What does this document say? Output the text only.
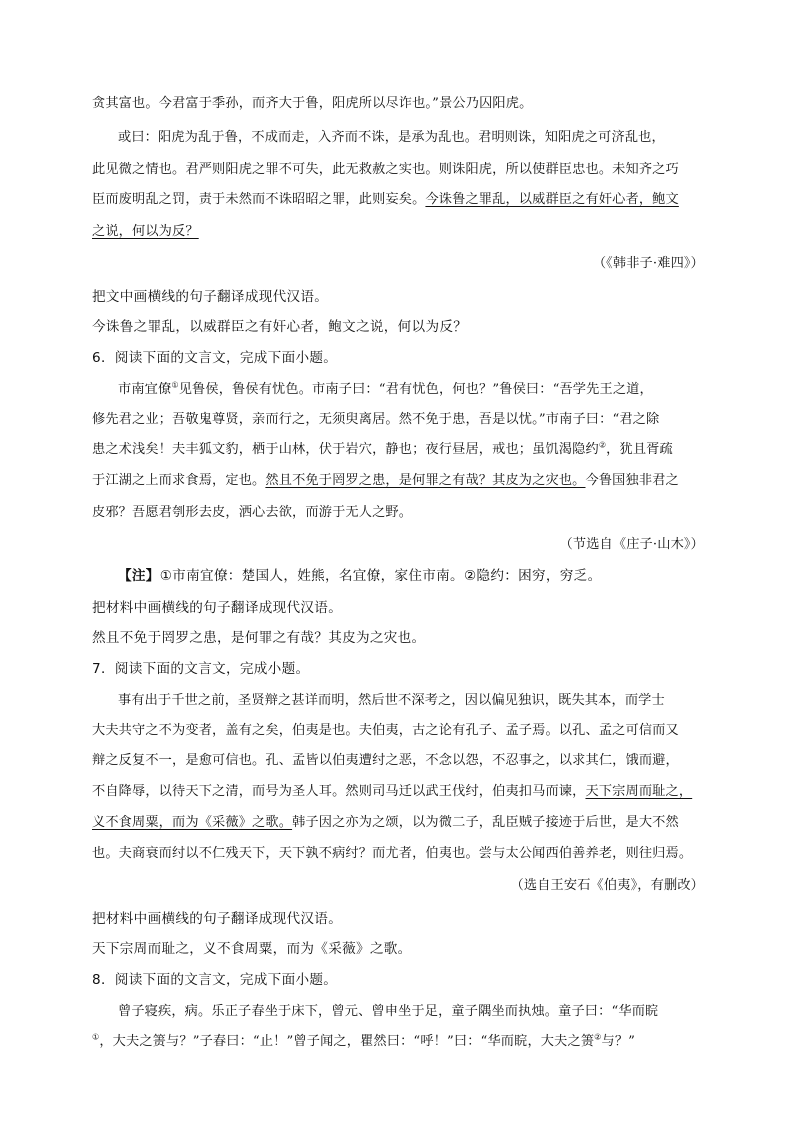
贪其富也。今君富于季孙，而齐大于鲁，阳虎所以尽诈也。”景公乃囚阳虎。
或曰：阳虎为乱于鲁，不成而走，入齐而不诛，是承为乱也。君明则诛，知阳虎之可济乱也，
此见微之情也。君严则阳虎之罪不可失，此无救赦之实也。则诛阳虎，所以使群臣忠也。未知齐之巧
臣而废明乱之罚，责于未然而不诛昭昭之罪，此则妄矣。今诛鲁之罪乱，以威群臣之有奸心者，鲍文
之说，何以为反？
（《韩非子·难四》）
把文中画横线的句子翻译成现代汉语。
今诛鲁之罪乱，以威群臣之有奸心者，鲍文之说，何以为反？
6．阅读下面的文言文，完成下面小题。
市南宜僚①见鲁侯，鲁侯有忧色。市南子曰：“君有忧色，何也？”鲁侯曰：“吾学先王之道，
修先君之业；吾敬鬼尊贤，亲而行之，无须臾离居。然不免于患，吾是以忧。”市南子曰：“君之除
患之术浅矣！夫丰狐文豹，栖于山林，伏于岩穴，静也；夜行昼居，戒也；虽饥渴隐约②，犹且胥疏
于江湖之上而求食焉，定也。然且不免于罔罗之患，是何罪之有哉？其皮为之灾也。今鲁国独非君之
皮邪？吾愿君刳形去皮，洒心去欲，而游于无人之野。
（节选自《庄子·山木》）
【注】①市南宜僚：楚国人，姓熊，名宜僚，家住市南。②隐约：困穷，穷乏。
把材料中画横线的句子翻译成现代汉语。
然且不免于罔罗之患，是何罪之有哉？其皮为之灾也。
7．阅读下面的文言文，完成小题。
事有出于千世之前，圣贤辩之甚详而明，然后世不深考之，因以偏见独识，既失其本，而学士
大夫共守之不为变者，盖有之矣，伯夷是也。夫伯夷，古之论有孔子、孟子焉。以孔、孟之可信而又
辩之反复不一，是愈可信也。孔、孟皆以伯夷遭纣之恶，不念以怨，不忍事之，以求其仁，饿而避，
不自降辱，以待天下之清，而号为圣人耳。然则司马迁以武王伐纣，伯夷扣马而谏，天下宗周而耻之，
义不食周粟，而为《采薇》之歌。韩子因之亦为之颂，以为微二子，乱臣贼子接迹于后世，是大不然
也。夫商衰而纣以不仁残天下，天下孰不病纣？而尤者，伯夷也。尝与太公闻西伯善养老，则往归焉。
（选自王安石《伯夷》，有删改）
把材料中画横线的句子翻译成现代汉语。
天下宗周而耻之，义不食周粟，而为《采薇》之歌。
8．阅读下面的文言文，完成下面小题。
曾子寝疾，病。乐正子春坐于床下，曾元、曾申坐于足，童子隅坐而执烛。童子曰：“华而睆
①，大夫之箦与？”子春曰：“止！”曾子闻之，瞿然曰：“呼！”曰：“华而睆，大夫之箦②与？”
